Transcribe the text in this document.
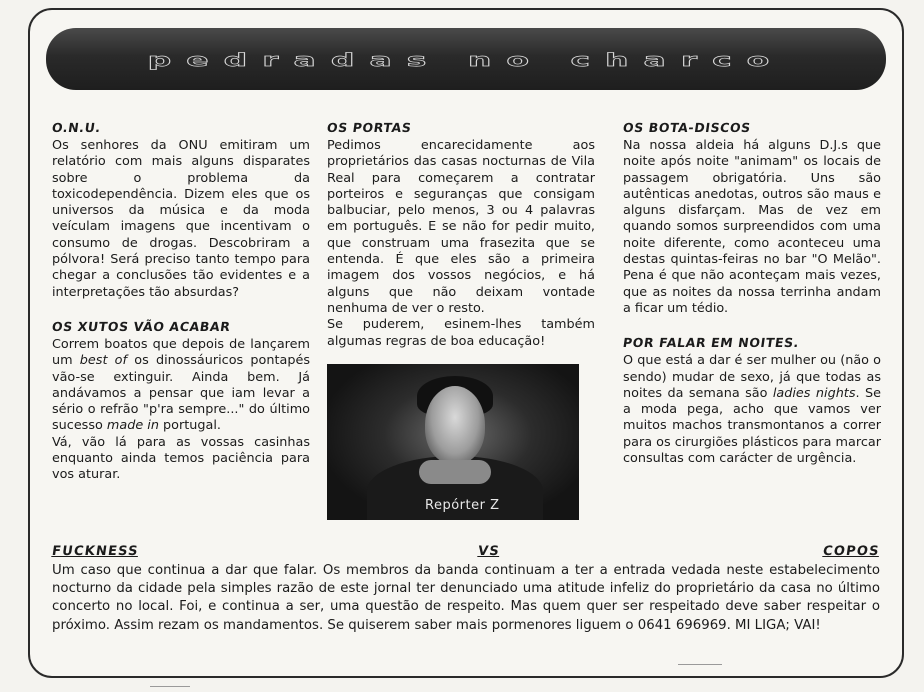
pedradas no charco
O.N.U.

Os senhores da ONU emitiram um relatório com mais alguns disparates sobre o problema da toxicodependência. Dizem eles que os universos da música e da moda veículam imagens que incentivam o consumo de drogas. Descobriram a pólvora! Será preciso tanto tempo para chegar a conclusões tão evidentes e a interpretações tão absurdas?

OS XUTOS VÃO ACABAR

Correm boatos que depois de lançarem um best of os dinossáuricos pontapés vão-se extinguir. Ainda bem. Já andávamos a pensar que iam levar a sério o refrão "p'ra sempre..." do último sucesso made in portugal.

Vá, vão lá para as vossas casinhas enquanto ainda temos paciência para vos aturar.

OS PORTAS

Pedimos encarecidamente aos proprietários das casas nocturnas de Vila Real para começarem a contratar porteiros e seguranças que consigam balbuciar, pelo menos, 3 ou 4 palavras em português. E se não for pedir muito, que construam uma frasezita que se entenda. É que eles são a primeira imagem dos vossos negócios, e há alguns que não deixam vontade nenhuma de ver o resto.

Se puderem, esinem-lhes também algumas regras de boa educação!

Repórter Z
OS BOTA-DISCOS

Na nossa aldeia há alguns D.J.s que noite após noite "animam" os locais de passagem obrigatória. Uns são autênticas anedotas, outros são maus e alguns disfarçam. Mas de vez em quando somos surpreendidos com uma noite diferente, como aconteceu uma destas quintas-feiras no bar "O Melão". Pena é que não aconteçam mais vezes, que as noites da nossa terrinha andam a ficar um tédio.

POR FALAR EM NOITES.

O que está a dar é ser mulher ou (não o sendo) mudar de sexo, já que todas as noites da semana são ladies nights. Se a moda pega, acho que vamos ver muitos machos transmontanos a correr para os cirurgiões plásticos para marcar consultas com carácter de urgência.

FUCKNESS	VS	COPOS

Um caso que continua a dar que falar. Os membros da banda continuam a ter a entrada vedada neste estabelecimento nocturno da cidade pela simples razão de este jornal ter denunciado uma atitude infeliz do proprietário da casa no último concerto no local. Foi, e continua a ser, uma questão de respeito. Mas quem quer ser respeitado deve saber respeitar o próximo. Assim rezam os mandamentos. Se quiserem saber mais pormenores liguem o 0641 696969. MI LIGA; VAI!
